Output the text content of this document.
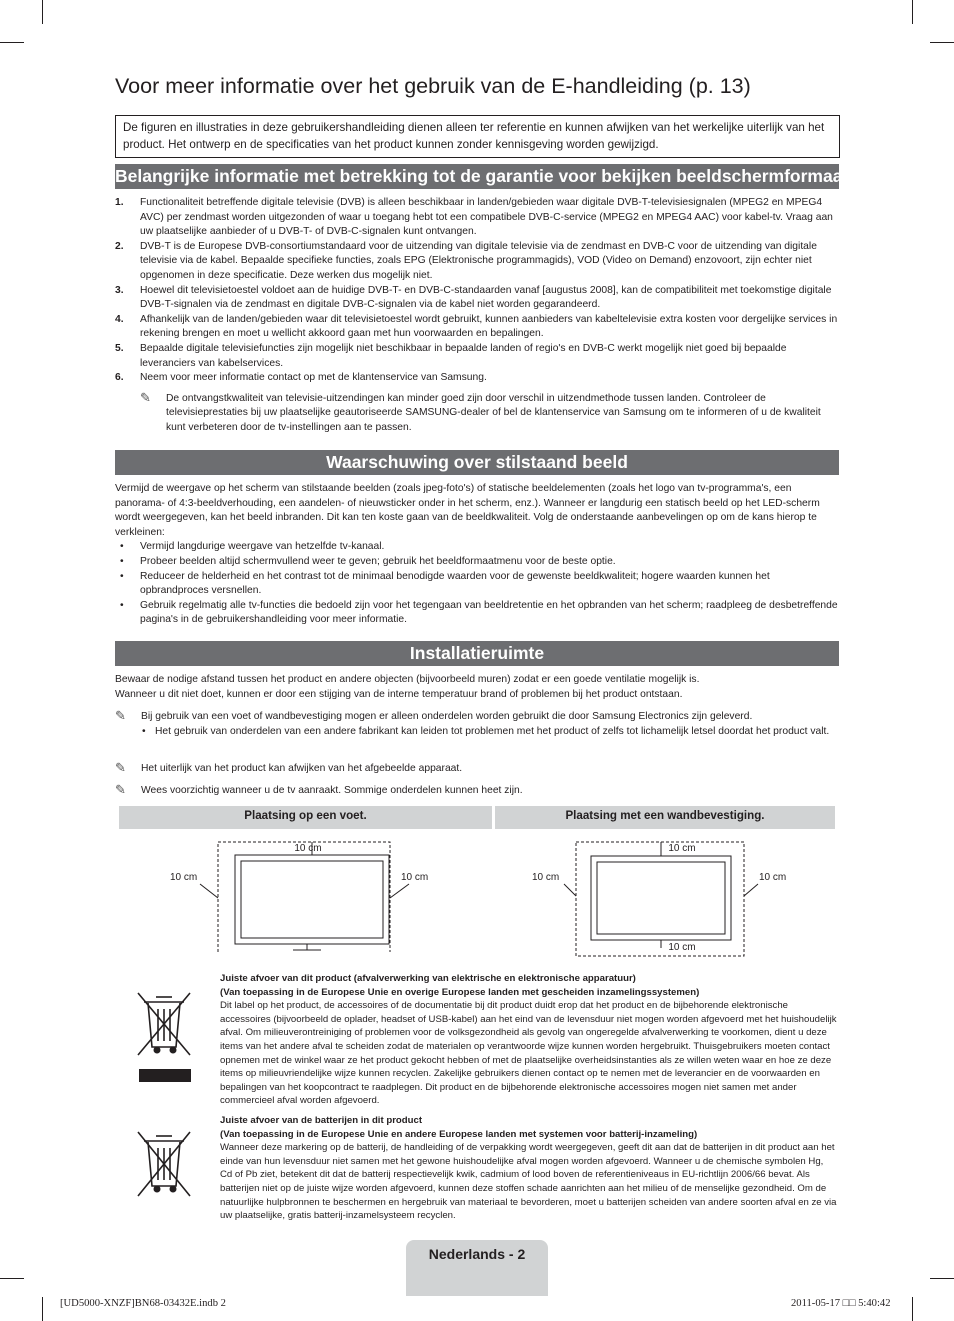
Voor meer informatie over het gebruik van de E-handleiding (p. 13)
De figuren en illustraties in deze gebruikershandleiding dienen alleen ter referentie en kunnen afwijken van het werkelijke uiterlijk van het product. Het ontwerp en de specificaties van het product kunnen zonder kennisgeving worden gewijzigd.
Belangrijke informatie met betrekking tot de garantie voor bekijken beeldschermformaat
1. Functionaliteit betreffende digitale televisie (DVB) is alleen beschikbaar in landen/gebieden waar digitale DVB-T-televisiesignalen (MPEG2 en MPEG4 AVC) per zendmast worden uitgezonden of waar u toegang hebt tot een compatibele DVB-C-service (MPEG2 en MPEG4 AAC) voor kabel-tv. Vraag aan uw plaatselijke aanbieder of u DVB-T- of DVB-C-signalen kunt ontvangen.
2. DVB-T is de Europese DVB-consortiumstandaard voor de uitzending van digitale televisie via de zendmast en DVB-C voor de uitzending van digitale televisie via de kabel. Bepaalde specifieke functies, zoals EPG (Elektronische programmagids), VOD (Video on Demand) enzovoort, zijn echter niet opgenomen in deze specificatie. Deze werken dus mogelijk niet.
3. Hoewel dit televisietoestel voldoet aan de huidige DVB-T- en DVB-C-standaarden vanaf [augustus 2008], kan de compatibiliteit met toekomstige digitale DVB-T-signalen via de zendmast en digitale DVB-C-signalen via de kabel niet worden gegarandeerd.
4. Afhankelijk van de landen/gebieden waar dit televisietoestel wordt gebruikt, kunnen aanbieders van kabeltelevisie extra kosten voor dergelijke services in rekening brengen en moet u wellicht akkoord gaan met hun voorwaarden en bepalingen.
5. Bepaalde digitale televisiefuncties zijn mogelijk niet beschikbaar in bepaalde landen of regio's en DVB-C werkt mogelijk niet goed bij bepaalde leveranciers van kabelservices.
6. Neem voor meer informatie contact op met de klantenservice van Samsung.
✎ De ontvangstkwaliteit van televisie-uitzendingen kan minder goed zijn door verschil in uitzendmethode tussen landen. Controleer de televisieprestaties bij uw plaatselijke geautoriseerde SAMSUNG-dealer of bel de klantenservice van Samsung om te informeren of u de kwaliteit kunt verbeteren door de tv-instellingen aan te passen.
Waarschuwing over stilstaand beeld
Vermijd de weergave op het scherm van stilstaande beelden (zoals jpeg-foto's) of statische beeldelementen (zoals het logo van tv-programma's, een panorama- of 4:3-beeldverhouding, een aandelen- of nieuwsticker onder in het scherm, enz.). Wanneer er langdurig een statisch beeld op het LED-scherm wordt weergegeven, kan het beeld inbranden. Dit kan ten koste gaan van de beeldkwaliteit. Volg de onderstaande aanbevelingen op om de kans hierop te verkleinen:
• Vermijd langdurige weergave van hetzelfde tv-kanaal.
• Probeer beelden altijd schermvullend weer te geven; gebruik het beeldformaatmenu voor de beste optie.
• Reduceer de helderheid en het contrast tot de minimaal benodigde waarden voor de gewenste beeldkwaliteit; hogere waarden kunnen het opbrandproces versnellen.
• Gebruik regelmatig alle tv-functies die bedoeld zijn voor het tegengaan van beeldretentie en het opbranden van het scherm; raadpleeg de desbetreffende pagina's in de gebruikershandleiding voor meer informatie.
Installatieruimte
Bewaar de nodige afstand tussen het product en andere objecten (bijvoorbeeld muren) zodat er een goede ventilatie mogelijk is.
Wanneer u dit niet doet, kunnen er door een stijging van de interne temperatuur brand of problemen bij het product ontstaan.
✎ Bij gebruik van een voet of wandbevestiging mogen er alleen onderdelen worden gebruikt die door Samsung Electronics zijn geleverd.
• Het gebruik van onderdelen van een andere fabrikant kan leiden tot problemen met het product of zelfs tot lichamelijk letsel doordat het product valt.
✎ Het uiterlijk van het product kan afwijken van het afgebeelde apparaat.
✎ Wees voorzichtig wanneer u de tv aanraakt. Sommige onderdelen kunnen heet zijn.
Plaatsing op een voet.	Plaatsing met een wandbevestiging.
10 cm
10 cm	10 cm
10 cm
10 cm
10 cm	10 cm
Juiste afvoer van dit product (afvalverwerking van elektrische en elektronische apparatuur)
(Van toepassing in de Europese Unie en overige Europese landen met gescheiden inzamelingssystemen)
Dit label op het product, de accessoires of de documentatie bij dit product duidt erop dat het product en de bijbehorende elektronische accessoires (bijvoorbeeld de oplader, headset of USB-kabel) aan het eind van de levensduur niet mogen worden afgevoerd met het huishoudelijk afval. Om milieuverontreiniging of problemen voor de volksgezondheid als gevolg van ongeregelde afvalverwerking te voorkomen, dient u deze items van het andere afval te scheiden zodat de materialen op verantwoorde wijze kunnen worden hergebruikt. Thuisgebruikers moeten contact opnemen met de winkel waar ze het product gekocht hebben of met de plaatselijke overheidsinstanties als ze willen weten waar en hoe ze deze items op milieuvriendelijke wijze kunnen recyclen. Zakelijke gebruikers dienen contact op te nemen met de leverancier en de voorwaarden en bepalingen van het koopcontract te raadplegen. Dit product en de bijbehorende elektronische accessoires mogen niet samen met ander commercieel afval worden afgevoerd.
Juiste afvoer van de batterijen in dit product
(Van toepassing in de Europese Unie en andere Europese landen met systemen voor batterij-inzameling)
Wanneer deze markering op de batterij, de handleiding of de verpakking wordt weergegeven, geeft dit aan dat de batterijen in dit product aan het einde van hun levensduur niet samen met het gewone huishoudelijke afval mogen worden afgevoerd. Wanneer u de chemische symbolen Hg, Cd of Pb ziet, betekent dit dat de batterij respectievelijk kwik, cadmium of lood boven de referentieniveaus in EU-richtlijn 2006/66 bevat. Als batterijen niet op de juiste wijze worden afgevoerd, kunnen deze stoffen schade aanrichten aan het milieu of de menselijke gezondheid. Om de natuurlijke hulpbronnen te beschermen en hergebruik van materiaal te bevorderen, moet u batterijen scheiden van andere soorten afval en ze via uw plaatselijke, gratis batterij-inzamelsysteem recyclen.
Nederlands - 2
[UD5000-XNZF]BN68-03432E.indb 2	2011-05-17 □□ 5:40:42
